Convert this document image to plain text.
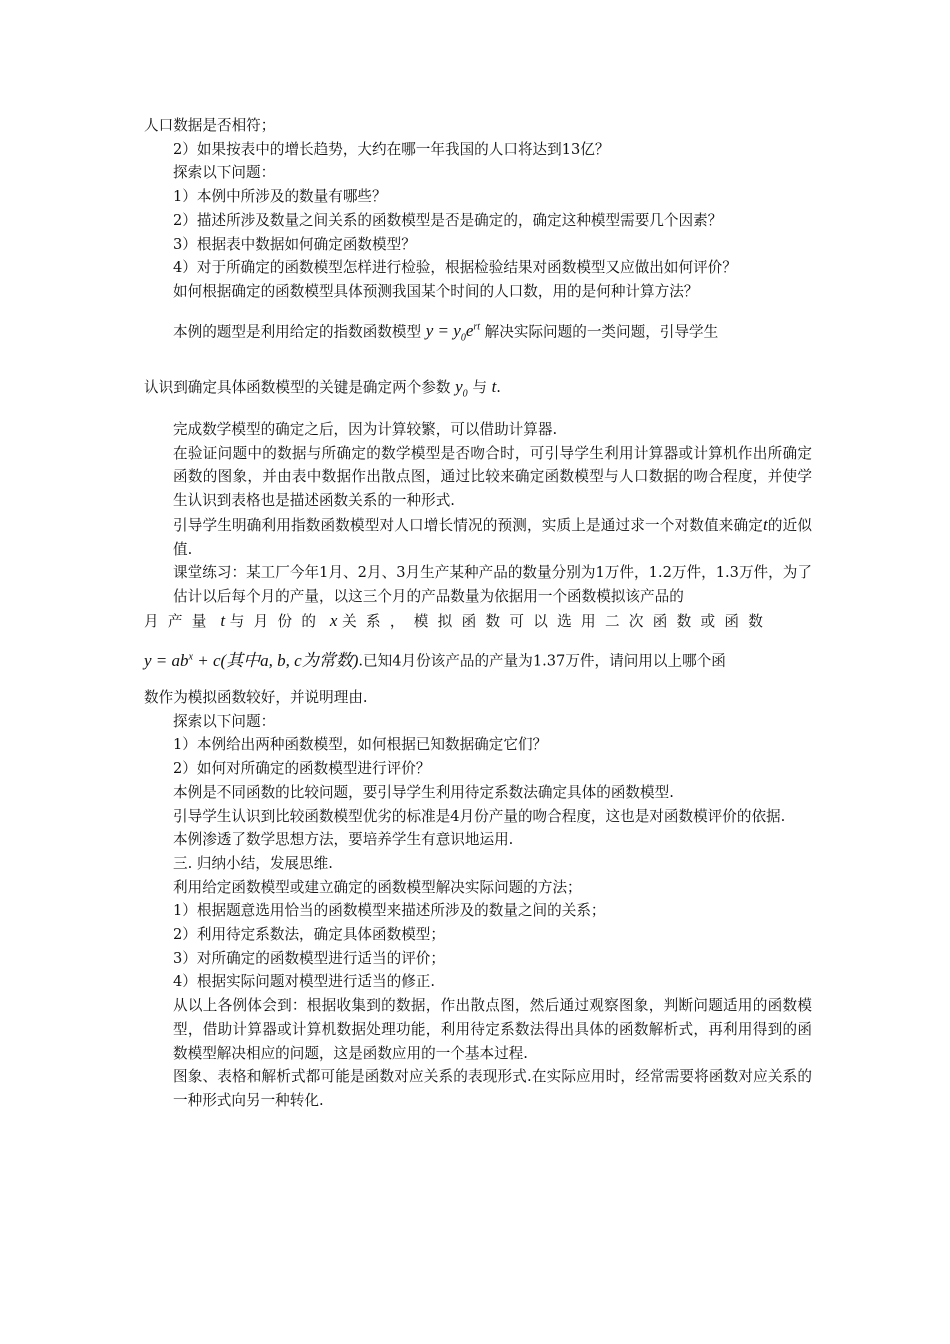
人口数据是否相符；

2）如果按表中的增长趋势，大约在哪一年我国的人口将达到13亿？

探索以下问题：

1）本例中所涉及的数量有哪些？

2）描述所涉及数量之间关系的函数模型是否是确定的，确定这种模型需要几个因素？

3）根据表中数据如何确定函数模型？

4）对于所确定的函数模型怎样进行检验，根据检验结果对函数模型又应做出如何评价？

如何根据确定的函数模型具体预测我国某个时间的人口数，用的是何种计算方法？

本例的题型是利用给定的指数函数模型 $y = y_0e^{rt}$ 解决实际问题的一类问题，引导学生

认识到确定具体函数模型的关键是确定两个参数 $y_0$ 与 t.

完成数学模型的确定之后，因为计算较繁，可以借助计算器.

在验证问题中的数据与所确定的数学模型是否吻合时，可引导学生利用计算器或计算机作出所确定函数的图象，并由表中数据作出散点图，通过比较来确定函数模型与人口数据的吻合程度，并使学生认识到表格也是描述函数关系的一种形式.

引导学生明确利用指数函数模型对人口增长情况的预测，实质上是通过求一个对数值来确定t的近似值.

课堂练习：某工厂今年1月、2月、3月生产某种产品的数量分别为1万件，1.2万件，1.3万件，为了估计以后每个月的产量，以这三个月的产品数量为依据用一个函数模拟该产品的

月产量 t 与月份的 x 关系，模拟函数可以选用二次函数或函数

$y = ab^x + c$(其中a, b, c为常数).已知4月份该产品的产量为1.37万件，请问用以上哪个函

数作为模拟函数较好，并说明理由.

探索以下问题：

1）本例给出两种函数模型，如何根据已知数据确定它们？

2）如何对所确定的函数模型进行评价？

本例是不同函数的比较问题，要引导学生利用待定系数法确定具体的函数模型.

引导学生认识到比较函数模型优劣的标准是4月份产量的吻合程度，这也是对函数模评价的依据.

本例渗透了数学思想方法，要培养学生有意识地运用.

三. 归纳小结，发展思维.

利用给定函数模型或建立确定的函数模型解决实际问题的方法；

1）根据题意选用恰当的函数模型来描述所涉及的数量之间的关系；

2）利用待定系数法，确定具体函数模型；

3）对所确定的函数模型进行适当的评价；

4）根据实际问题对模型进行适当的修正.

从以上各例体会到：根据收集到的数据，作出散点图，然后通过观察图象，判断问题适用的函数模型，借助计算器或计算机数据处理功能，利用待定系数法得出具体的函数解析式，再利用得到的函数模型解决相应的问题，这是函数应用的一个基本过程.

图象、表格和解析式都可能是函数对应关系的表现形式.在实际应用时，经常需要将函数对应关系的一种形式向另一种转化.
